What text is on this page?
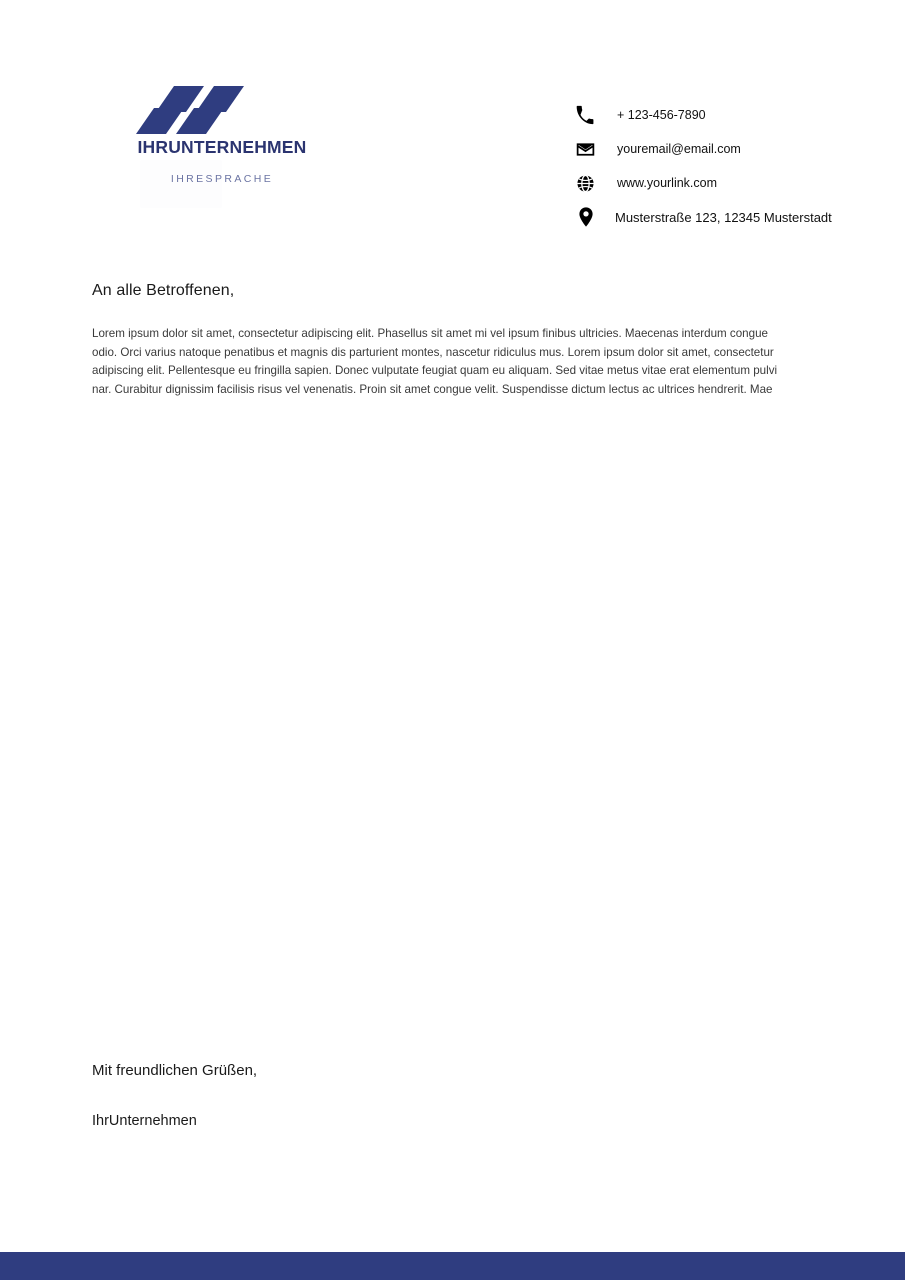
IHRUNTERNEHMEN
IHRESPRACHE
+ 123-456-7890
youremail@email.com
www.yourlink.com
Musterstraße 123, 12345 Musterstadt
An alle Betroffenen,
Lorem ipsum dolor sit amet, consectetur adipiscing elit. Phasellus sit amet mi vel ipsum finibus ultricies. Maecenas interdum congue
odio. Orci varius natoque penatibus et magnis dis parturient montes, nascetur ridiculus mus. Lorem ipsum dolor sit amet, consectetur
adipiscing elit. Pellentesque eu fringilla sapien. Donec vulputate feugiat quam eu aliquam. Sed vitae metus vitae erat elementum pulvi
nar. Curabitur dignissim facilisis risus vel venenatis. Proin sit amet congue velit. Suspendisse dictum lectus ac ultrices hendrerit. Mae
Mit freundlichen Grüßen,
IhrUnternehmen
